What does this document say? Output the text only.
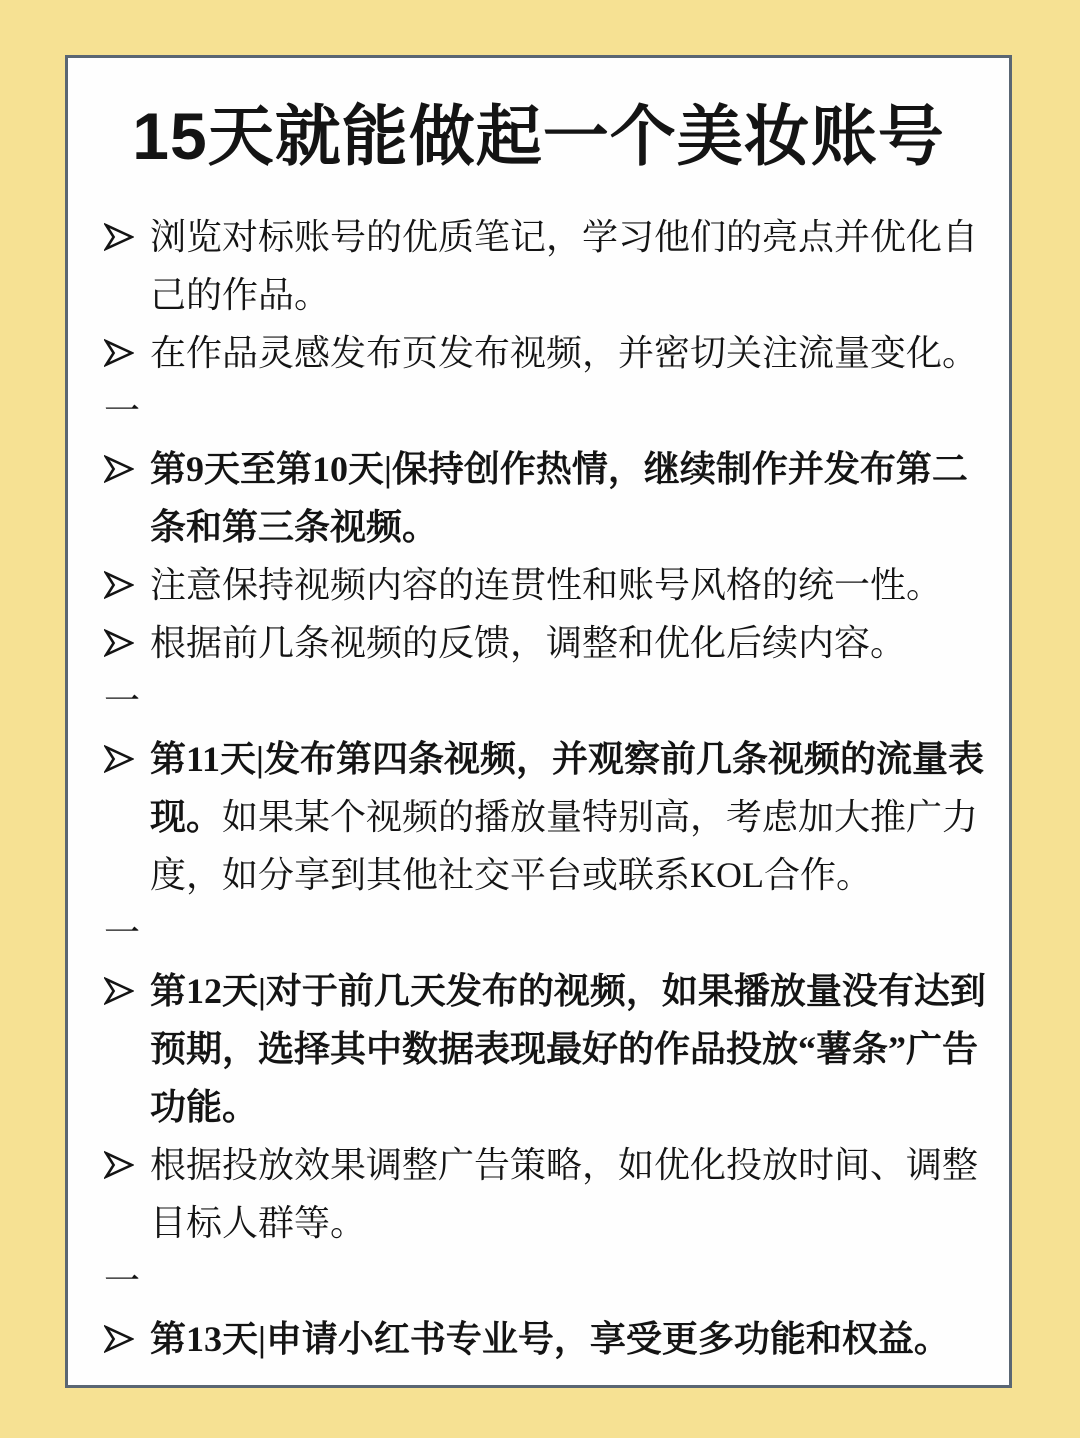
15天就能做起一个美妆账号
浏览对标账号的优质笔记，学习他们的亮点并优化自己的作品。
在作品灵感发布页发布视频，并密切关注流量变化。
一
第9天至第10天|保持创作热情，继续制作并发布第二条和第三条视频。
注意保持视频内容的连贯性和账号风格的统一性。
根据前几条视频的反馈，调整和优化后续内容。
一
第11天|发布第四条视频，并观察前几条视频的流量表现。如果某个视频的播放量特别高，考虑加大推广力度，如分享到其他社交平台或联系KOL合作。
一
第12天|对于前几天发布的视频，如果播放量没有达到预期，选择其中数据表现最好的作品投放“薯条”广告功能。
根据投放效果调整广告策略，如优化投放时间、调整目标人群等。
一
第13天|申请小红书专业号，享受更多功能和权益。
